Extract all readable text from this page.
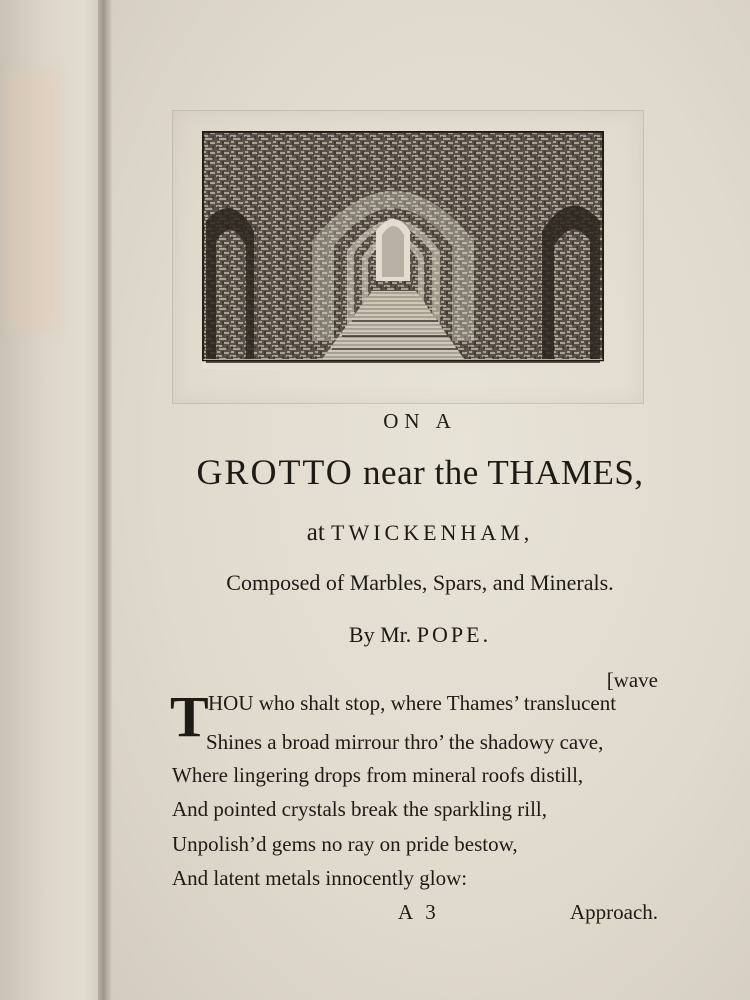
ON A
GROTTO near the THAMES,
at TWICKENHAM,
Composed of Marbles, Spars, and Minerals.
By Mr. POPE.
[wave
T HOU who shalt stop, where Thames’ translucent
Shines a broad mirrour thro’ the shadowy cave,
Where lingering drops from mineral roofs distill,
And pointed crystals break the sparkling rill,
Unpolish’d gems no ray on pride bestow,
And latent metals innocently glow:
A 3	Approach.
